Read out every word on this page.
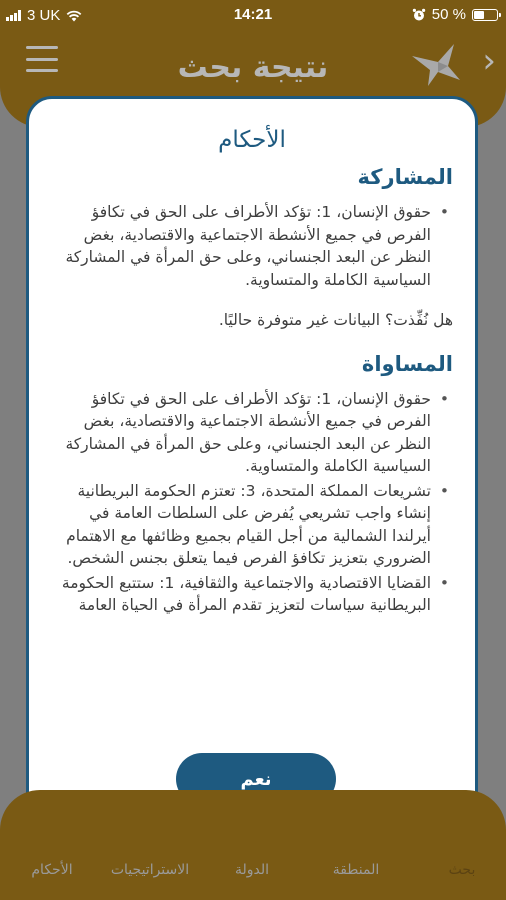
3 UK	14:21	50 %
نتيجة بحث	›
الأحكام
المشاركة
• حقوق الإنسان، 1: تؤكد الأطراف على الحق في تكافؤ الفرص في جميع الأنشطة الاجتماعية والاقتصادية، بغض النظر عن البعد الجنساني، وعلى حق المرأة في المشاركة السياسية الكاملة والمتساوية.
هل نُفِّذت؟ البيانات غير متوفرة حاليًا.
المساواة
• حقوق الإنسان، 1: تؤكد الأطراف على الحق في تكافؤ الفرص في جميع الأنشطة الاجتماعية والاقتصادية، بغض النظر عن البعد الجنساني، وعلى حق المرأة في المشاركة السياسية الكاملة والمتساوية.
• تشريعات المملكة المتحدة، 3: تعتزم الحكومة البريطانية إنشاء واجب تشريعي يُفرض على السلطات العامة في أيرلندا الشمالية من أجل القيام بجميع وظائفها مع الاهتمام الضروري بتعزيز تكافؤ الفرص فيما يتعلق بجنس الشخص.
• القضايا الاقتصادية والاجتماعية والثقافية، 1: ستتبع الحكومة البريطانية سياسات لتعزيز تقدم المرأة في الحياة العامة
نعم
بحث
المنطقة
الدولة
الاستراتيجيات
الأحكام
